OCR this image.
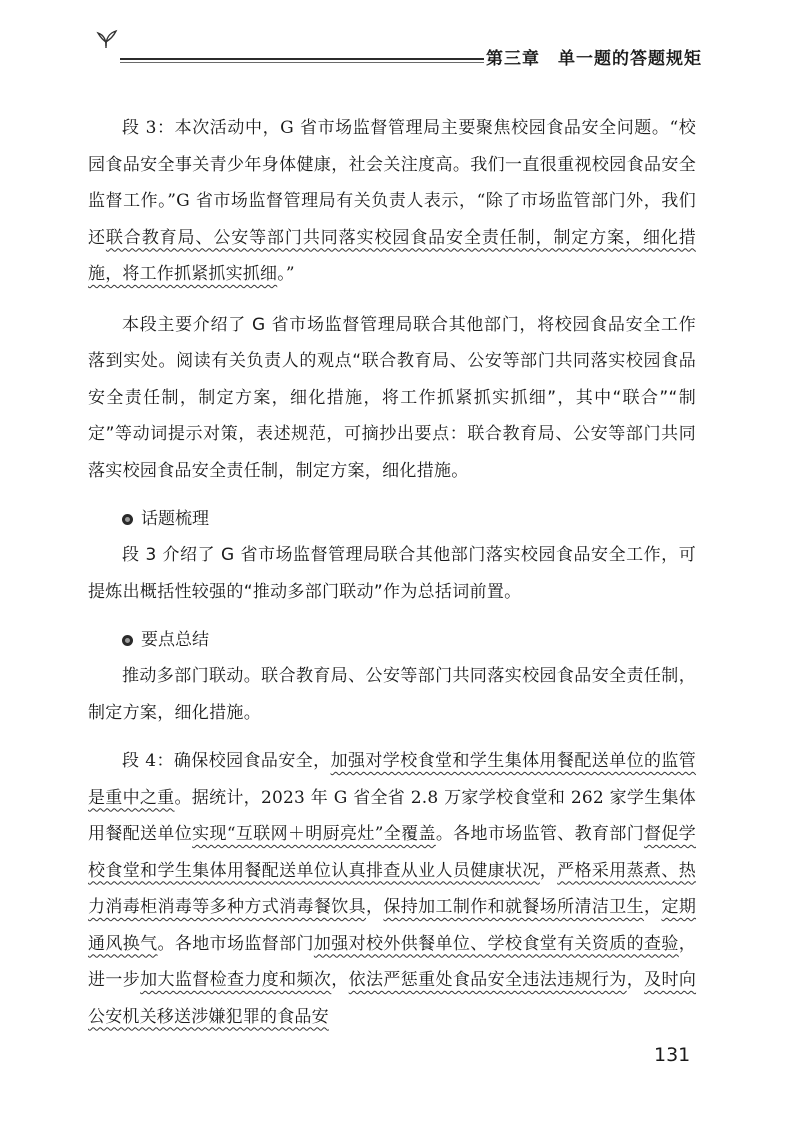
第三章 单一题的答题规矩

段 3：本次活动中，G 省市场监督管理局主要聚焦校园食品安全问题。“校园食品安全事关青少年身体健康，社会关注度高。我们一直很重视校园食品安全监督工作。”G 省市场监督管理局有关负责人表示，“除了市场监管部门外，我们还联合教育局、公安等部门共同落实校园食品安全责任制，制定方案，细化措施，将工作抓紧抓实抓细。”

本段主要介绍了 G 省市场监督管理局联合其他部门，将校园食品安全工作落到实处。阅读有关负责人的观点“联合教育局、公安等部门共同落实校园食品安全责任制，制定方案，细化措施，将工作抓紧抓实抓细”，其中“联合”“制定”等动词提示对策，表述规范，可摘抄出要点：联合教育局、公安等部门共同落实校园食品安全责任制，制定方案，细化措施。

话题梳理

段 3 介绍了 G 省市场监督管理局联合其他部门落实校园食品安全工作，可提炼出概括性较强的“推动多部门联动”作为总括词前置。

要点总结

推动多部门联动。联合教育局、公安等部门共同落实校园食品安全责任制，制定方案，细化措施。

段 4：确保校园食品安全，加强对学校食堂和学生集体用餐配送单位的监管是重中之重。据统计，2023 年 G 省全省 2.8 万家学校食堂和 262 家学生集体用餐配送单位实现“互联网＋明厨亮灶”全覆盖。各地市场监管、教育部门督促学校食堂和学生集体用餐配送单位认真排查从业人员健康状况，严格采用蒸煮、热力消毒柜消毒等多种方式消毒餐饮具，保持加工制作和就餐场所清洁卫生，定期通风换气。各地市场监督部门加强对校外供餐单位、学校食堂有关资质的查验，进一步加大监督检查力度和频次，依法严惩重处食品安全违法违规行为，及时向公安机关移送涉嫌犯罪的食品安

131
